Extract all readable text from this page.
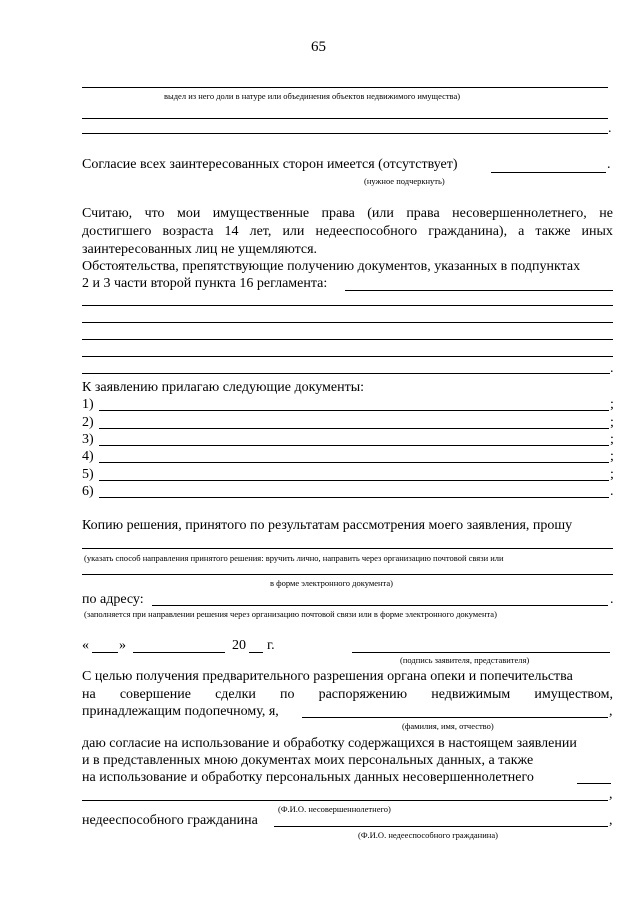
65
выдел из него доли в натуре или объединения объектов недвижимого имущества)
.
Согласие всех заинтересованных сторон имеется (отсутствует)	.
(нужное подчеркнуть)
Считаю, что мои имущественные права (или права несовершеннолетнего, не
достигшего возраста 14 лет, или недееспособного гражданина), а также иных
заинтересованных лиц не ущемляются.
Обстоятельства, препятствующие получению документов, указанных в подпунктах
2 и 3 части второй пункта 16 регламента:
.
К заявлению прилагаю следующие документы:
1)	;
2)	;
3)	;
4)	;
5)	;
6)	.
Копию решения, принятого по результатам рассмотрения моего заявления, прошу
(указать способ направления принятого решения: вручить лично, направить через организацию почтовой связи или
в форме электронного документа)
по адресу:	.
(заполняется при направлении решения через организацию почтовой связи или в форме электронного документа)
« »	20 г.
(подпись заявителя, представителя)
С целью получения предварительного разрешения органа опеки и попечительства
на совершение сделки по распоряжению недвижимым имуществом,
принадлежащим подопечному, я,	,
(фамилия, имя, отчество)
даю согласие на использование и обработку содержащихся в настоящем заявлении
и в представленных мною документах моих персональных данных, а также
на использование и обработку персональных данных несовершеннолетнего
,
(Ф.И.О. несовершеннолетнего)
недееспособного гражданина	,
(Ф.И.О. недееспособного гражданина)
